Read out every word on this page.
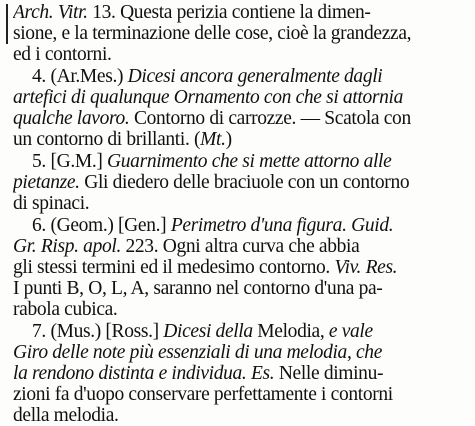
Arch. Vitr. 13. Questa perizia contiene la dimen-
sione, e la terminazione delle cose, cioè la grandezza,
ed i contorni.
4. (Ar.Mes.) Dicesi ancora generalmente dagli
artefici di qualunque Ornamento con che si attornia
qualche lavoro. Contorno di carrozze. — Scatola con
un contorno di brillanti. (Mt.)
5. [G.M.] Guarnimento che si mette attorno alle
pietanze. Gli diedero delle braciuole con un contorno
di spinaci.
6. (Geom.) [Gen.] Perimetro d'una figura. Guid.
Gr. Risp. apol. 223. Ogni altra curva che abbia
gli stessi termini ed il medesimo contorno. Viv. Res.
I punti B, O, L, A, saranno nel contorno d'una pa-
rabola cubica.
7. (Mus.) [Ross.] Dicesi della Melodia, e vale
Giro delle note più essenziali di una melodia, che
la rendono distinta e individua. Es. Nelle diminu-
zioni fa d'uopo conservare perfettamente i contorni
della melodia.
